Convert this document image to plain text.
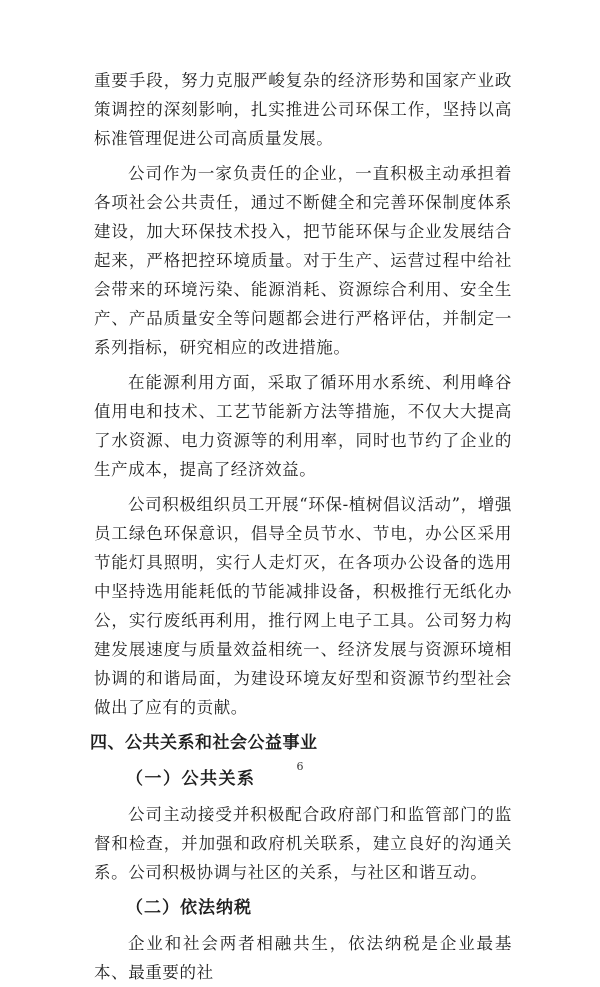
重要手段，努力克服严峻复杂的经济形势和国家产业政策调控的深刻影响，扎实推进公司环保工作，坚持以高标准管理促进公司高质量发展。

公司作为一家负责任的企业，一直积极主动承担着各项社会公共责任，通过不断健全和完善环保制度体系建设，加大环保技术投入，把节能环保与企业发展结合起来，严格把控环境质量。对于生产、运营过程中给社会带来的环境污染、能源消耗、资源综合利用、安全生产、产品质量安全等问题都会进行严格评估，并制定一系列指标，研究相应的改进措施。

在能源利用方面，采取了循环用水系统、利用峰谷值用电和技术、工艺节能新方法等措施，不仅大大提高了水资源、电力资源等的利用率，同时也节约了企业的生产成本，提高了经济效益。

公司积极组织员工开展“环保-植树倡议活动”，增强员工绿色环保意识，倡导全员节水、节电，办公区采用节能灯具照明，实行人走灯灭，在各项办公设备的选用中坚持选用能耗低的节能减排设备，积极推行无纸化办公，实行废纸再利用，推行网上电子工具。公司努力构建发展速度与质量效益相统一、经济发展与资源环境相协调的和谐局面，为建设环境友好型和资源节约型社会做出了应有的贡献。

四、公共关系和社会公益事业
（一）公共关系

公司主动接受并积极配合政府部门和监管部门的监督和检查，并加强和政府机关联系，建立良好的沟通关系。公司积极协调与社区的关系，与社区和谐互动。

（二）依法纳税

企业和社会两者相融共生，依法纳税是企业最基本、最重要的社

6
